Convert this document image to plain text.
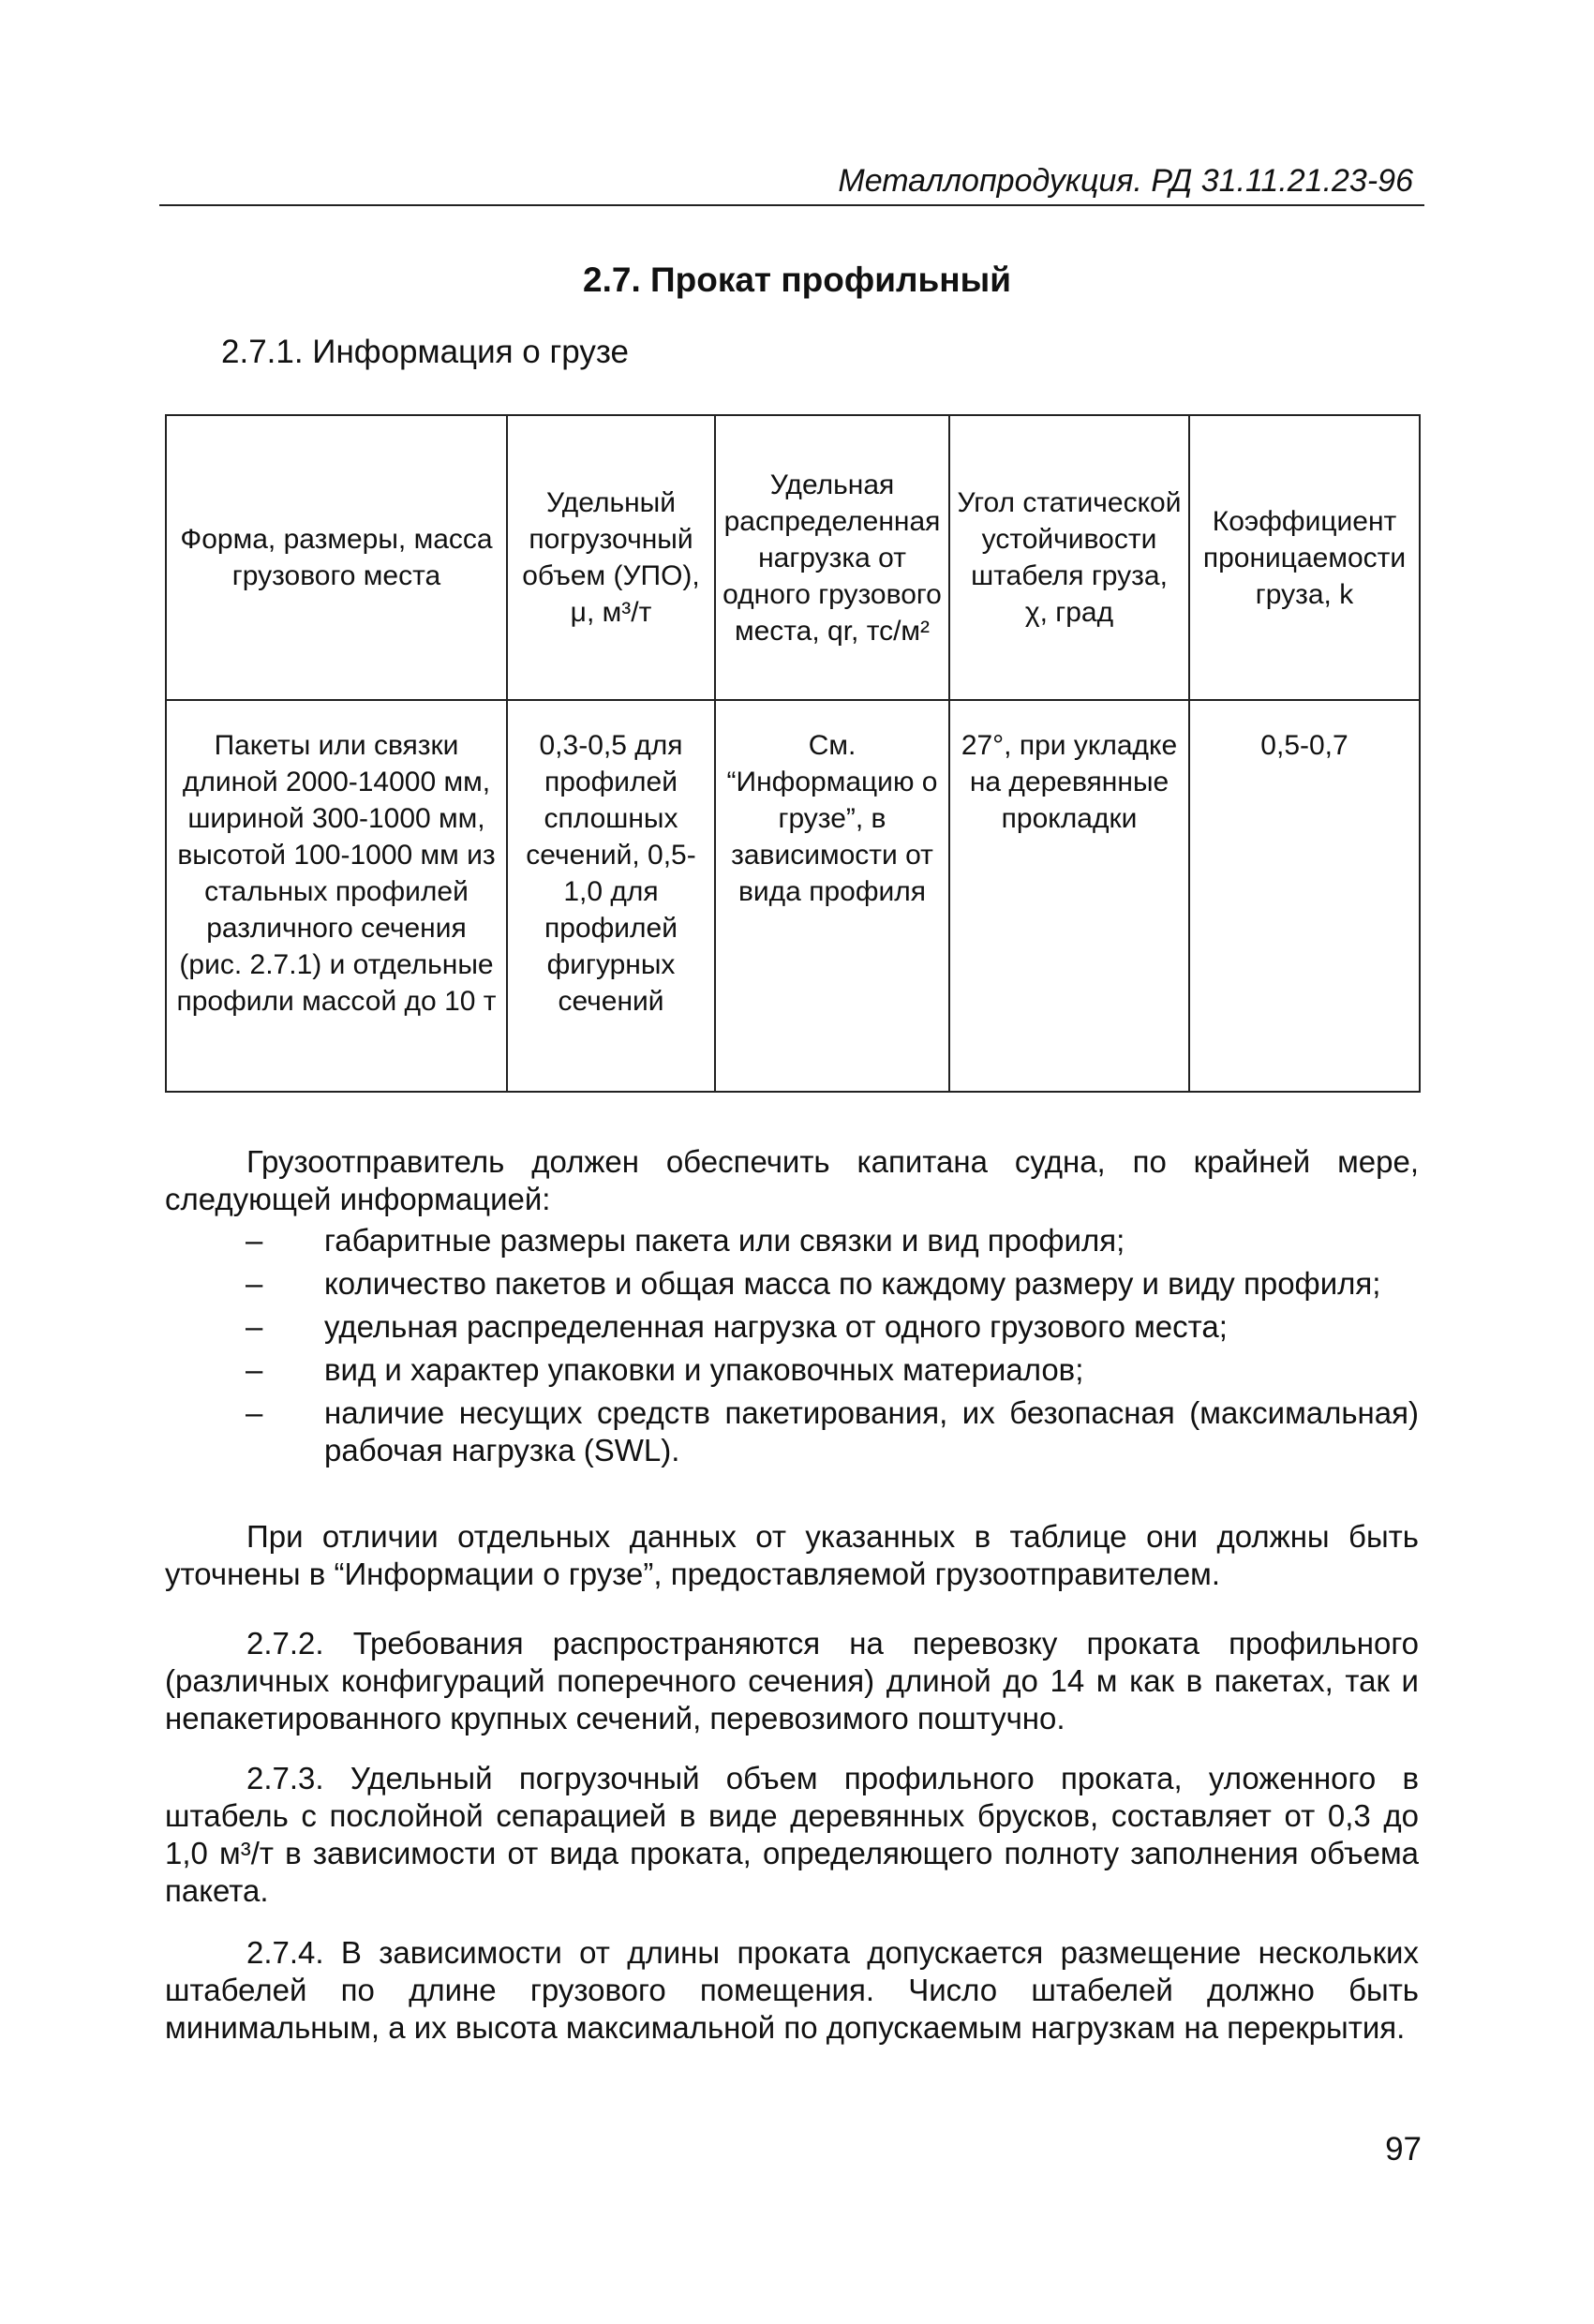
Металлопродукция. РД 31.11.21.23-96
2.7. Прокат профильный
2.7.1. Информация о грузе
Форма, размеры, масса грузового места	Удельный погрузочный объем (УПО), μ, м³/т	Удельная распределенная нагрузка от одного грузового места, qr, тс/м²	Угол статической устойчивости штабеля груза, χ, град	Коэффициент проницаемости груза, k
Пакеты или связки длиной 2000-14000 мм, шириной 300-1000 мм, высотой 100-1000 мм из стальных профилей различного сечения (рис. 2.7.1) и отдельные профили массой до 10 т	0,3-0,5 для профилей сплошных сечений, 0,5-1,0 для профилей фигурных сечений	См. “Информацию о грузе”, в зависимости от вида профиля	27°, при укладке на деревянные прокладки	0,5-0,7

Грузоотправитель должен обеспечить капитана судна, по крайней мере, следующей информацией:

– габаритные размеры пакета или связки и вид профиля;
– количество пакетов и общая масса по каждому размеру и виду профиля;
– удельная распределенная нагрузка от одного грузового места;
– вид и характер упаковки и упаковочных материалов;
– наличие несущих средств пакетирования, их безопасная (максимальная) рабочая нагрузка (SWL).

При отличии отдельных данных от указанных в таблице они должны быть уточнены в “Информации о грузе”, предоставляемой грузоотправителем.

2.7.2. Требования распространяются на перевозку проката профильного (различных конфигураций поперечного сечения) длиной до 14 м как в пакетах, так и непакетированного крупных сечений, перевозимого поштучно.

2.7.3. Удельный погрузочный объем профильного проката, уложенного в штабель с послойной сепарацией в виде деревянных брусков, составляет от 0,3 до 1,0 м³/т в зависимости от вида проката, определяющего полноту заполнения объема пакета.

2.7.4. В зависимости от длины проката допускается размещение нескольких штабелей по длине грузового помещения. Число штабелей должно быть минимальным, а их высота максимальной по допускаемым нагрузкам на перекрытия.

97
